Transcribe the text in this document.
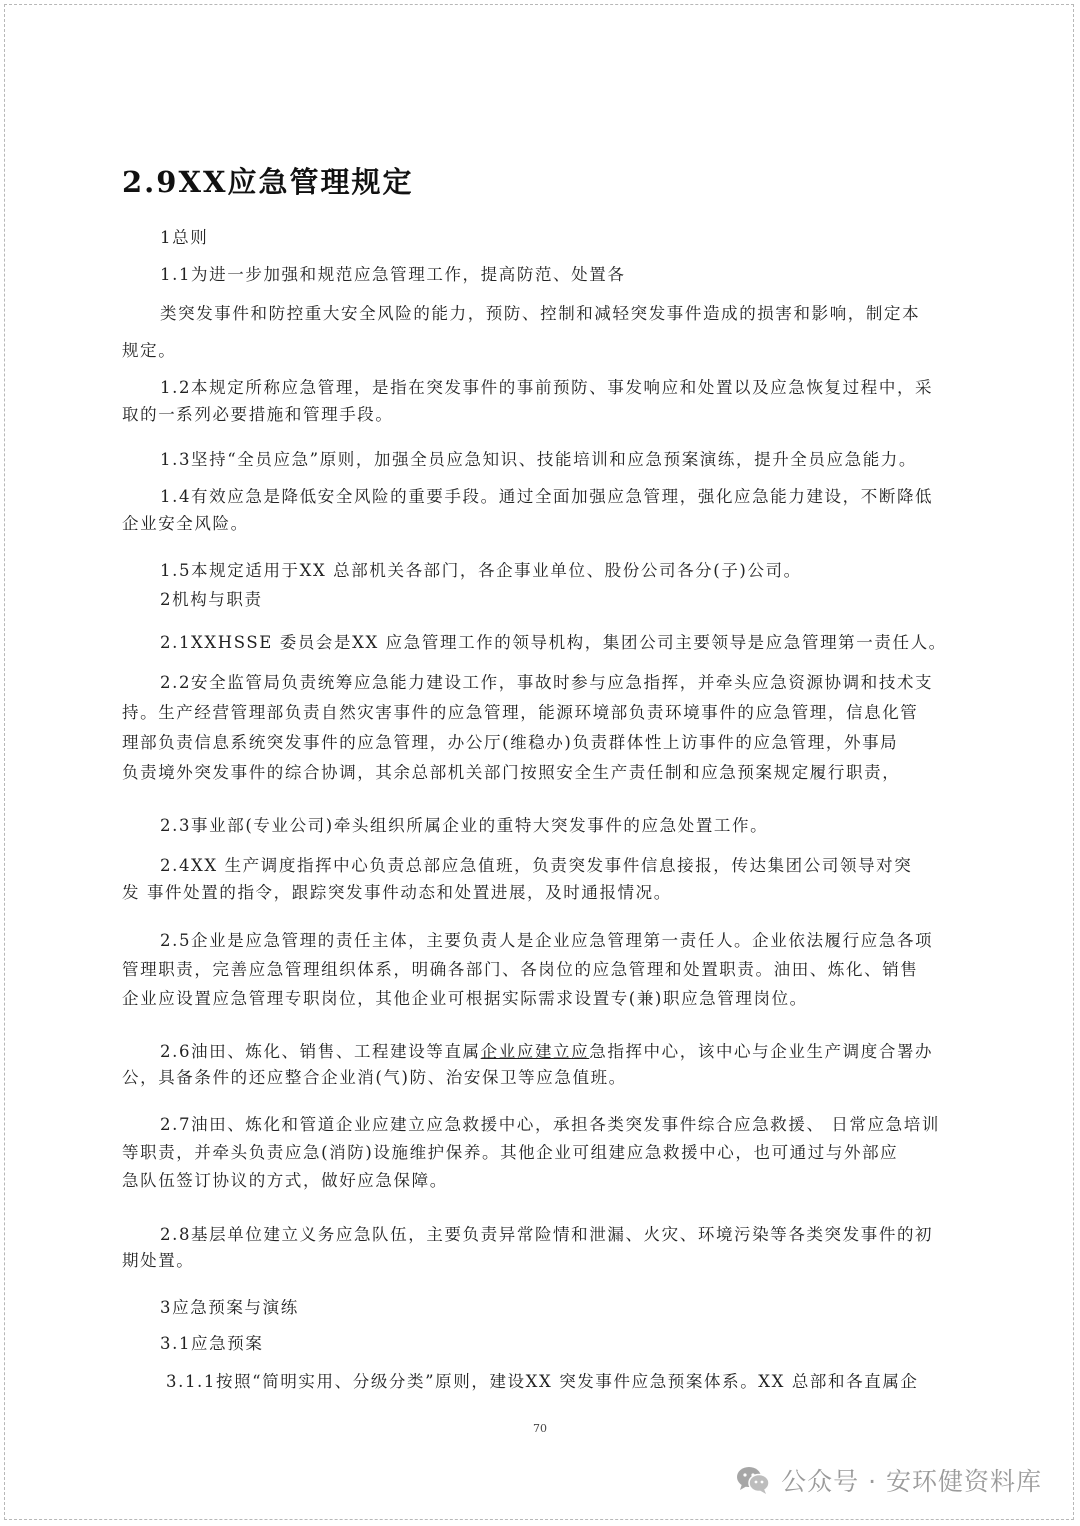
2.9XX应急管理规定
1总则
1.1为进一步加强和规范应急管理工作，提高防范、处置各
类突发事件和防控重大安全风险的能力，预防、控制和减轻突发事件造成的损害和影响，制定本
规定。
1.2本规定所称应急管理，是指在突发事件的事前预防、事发响应和处置以及应急恢复过程中，采
取的一系列必要措施和管理手段。
1.3坚持“全员应急”原则，加强全员应急知识、技能培训和应急预案演练，提升全员应急能力。
1.4有效应急是降低安全风险的重要手段。通过全面加强应急管理，强化应急能力建设，不断降低
企业安全风险。
1.5本规定适用于XX 总部机关各部门，各企事业单位、股份公司各分(子)公司。
2机构与职责
2.1XXHSSE 委员会是XX 应急管理工作的领导机构，集团公司主要领导是应急管理第一责任人。
2.2安全监管局负责统筹应急能力建设工作，事故时参与应急指挥，并牵头应急资源协调和技术支
持。生产经营管理部负责自然灾害事件的应急管理，能源环境部负责环境事件的应急管理，信息化管
理部负责信息系统突发事件的应急管理，办公厅(维稳办)负责群体性上访事件的应急管理，外事局
负责境外突发事件的综合协调，其余总部机关部门按照安全生产责任制和应急预案规定履行职责，
2.3事业部(专业公司)牵头组织所属企业的重特大突发事件的应急处置工作。
2.4XX 生产调度指挥中心负责总部应急值班，负责突发事件信息接报，传达集团公司领导对突
发 事件处置的指令，跟踪突发事件动态和处置进展，及时通报情况。
2.5企业是应急管理的责任主体，主要负责人是企业应急管理第一责任人。企业依法履行应急各项
管理职责，完善应急管理组织体系，明确各部门、各岗位的应急管理和处置职责。油田、炼化、销售
企业应设置应急管理专职岗位，其他企业可根据实际需求设置专(兼)职应急管理岗位。
2.6油田、炼化、销售、工程建设等直属企业应建立应急指挥中心，该中心与企业生产调度合署办
公，具备条件的还应整合企业消(气)防、治安保卫等应急值班。
2.7油田、炼化和管道企业应建立应急救援中心，承担各类突发事件综合应急救援、 日常应急培训
等职责，并牵头负责应急(消防)设施维护保养。其他企业可组建应急救援中心，也可通过与外部应
急队伍签订协议的方式，做好应急保障。
2.8基层单位建立义务应急队伍，主要负责异常险情和泄漏、火灾、环境污染等各类突发事件的初
期处置。
3应急预案与演练
3.1应急预案
3.1.1按照“简明实用、分级分类”原则，建设XX 突发事件应急预案体系。XX 总部和各直属企
70
公众号 · 安环健资料库
